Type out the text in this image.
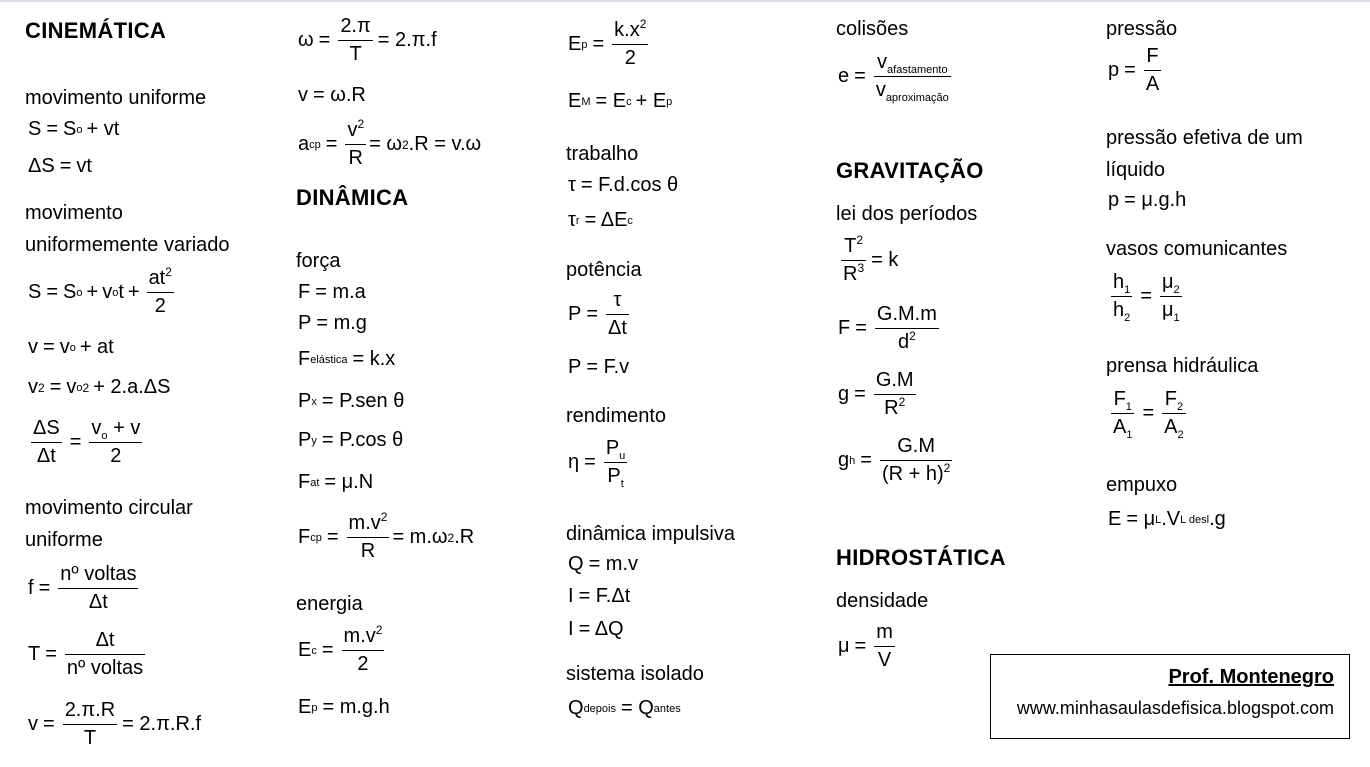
CINEMÁTICA
movimento uniforme
S = S o + vt
ΔS = vt
movimento
uniformemente variado
S = S o + v o $t + \frac{at^2}{2}$
v = v o + at
v 2 = v o 2 + 2.a.ΔS
$\frac{\Delta S}{\Delta t} = \frac{v_o + v}{2}$
movimento circular
uniforme
$f = \frac{\text{nº voltas}}{\Delta t}$
$T = \frac{\Delta t}{\text{nº voltas}}$
$v = \frac{2.\pi.R}{T} = 2.\pi.R.f$
$\omega = \frac{2.\pi}{T} = 2.\pi.f$
v = ω.R
a cp = $\frac{v^2}{R} = \omega$ 2 .R = v.ω
DINÂMICA
força
F = m.a
P = m.g
F elástica = k.x
P x = P.sen θ
P y = P.cos θ
F at = μ.N
F cp = $\frac{m.v^2}{R} = m.\omega$ 2 .R
energia
E $c = \frac{m.v^2}{2}$
E p = m.g.h
E $p = \frac{k.x^2}{2}$
E M = E c + E p
trabalho
τ = F.d.cos θ
τ r = ΔE c
potência
$P = \frac{\tau}{\Delta t}$
P = F.v
rendimento
$\eta = \frac{P_u}{P_t}$
dinâmica impulsiva
Q = m.v
I = F.Δt
I = ΔQ
sistema isolado
Q depois = Q antes
colisões
$e = \frac{v_{afastamento}}{v_{aproximação}}$
GRAVITAÇÃO
lei dos períodos
$\frac{T^2}{R^3} = k$
$F = \frac{G.M.m}{d^2}$
$g = \frac{G.M}{R^2}$
g $h = \frac{G.M}{(R + h)^2}$
HIDROSTÁTICA
densidade
$\mu = \frac{m}{V}$
pressão
$p = \frac{F}{A}$
pressão efetiva de um
líquido
p = μ.g.h
vasos comunicantes
$\frac{h_1}{h_2} = \frac{\mu_2}{\mu_1}$
prensa hidráulica
$\frac{F_1}{A_1} = \frac{F_2}{A_2}$
empuxo
E = μ L .V L desl .g
Prof. Montenegro
www.minhasaulasdefisica.blogspot.com
